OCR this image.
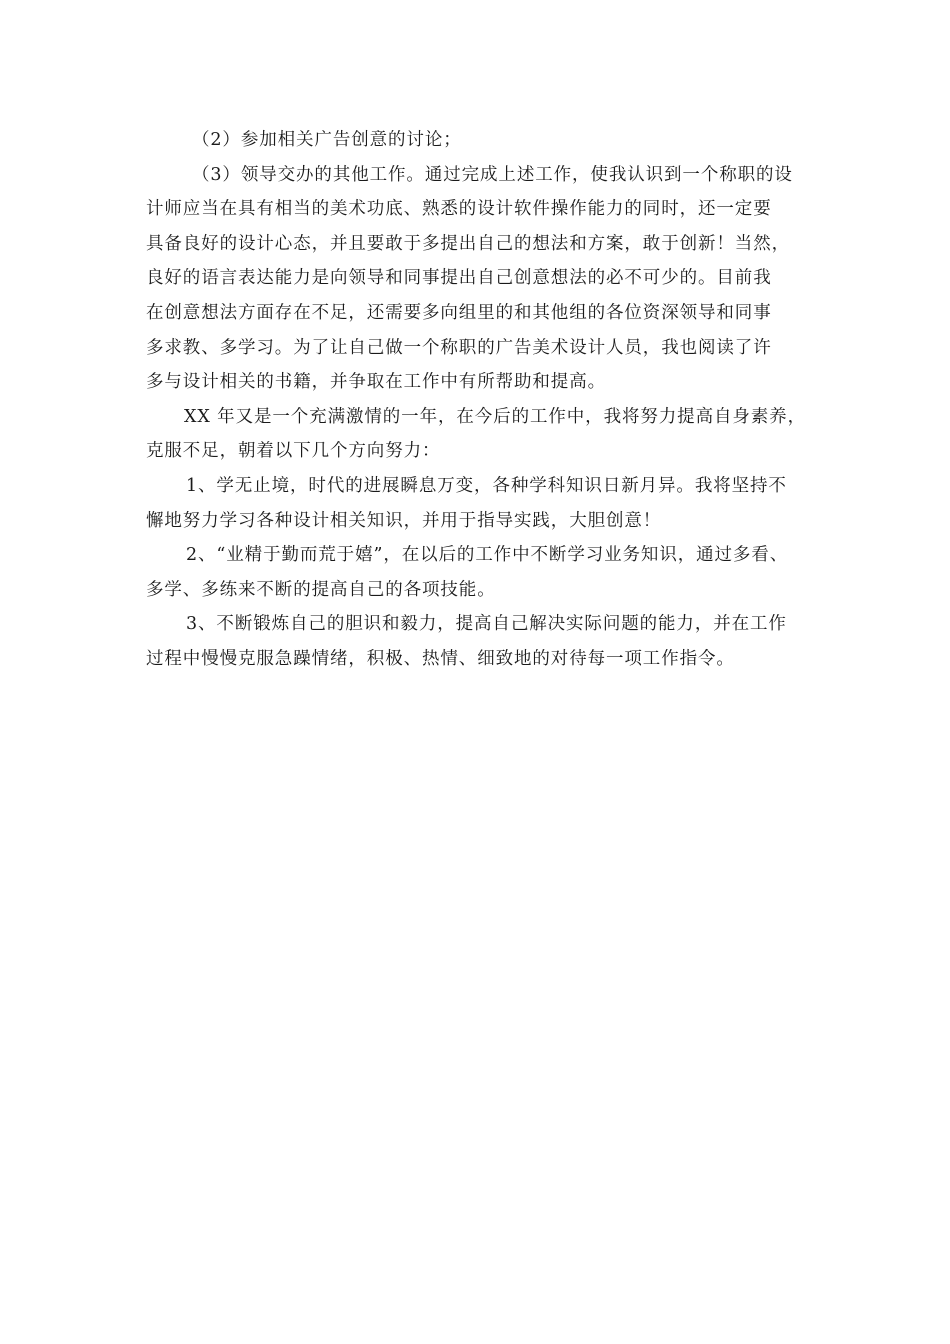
（2）参加相关广告创意的讨论；
（3）领导交办的其他工作。通过完成上述工作，使我认识到一个称职的设
计师应当在具有相当的美术功底、熟悉的设计软件操作能力的同时，还一定要
具备良好的设计心态，并且要敢于多提出自己的想法和方案，敢于创新！当然，
良好的语言表达能力是向领导和同事提出自己创意想法的必不可少的。目前我
在创意想法方面存在不足，还需要多向组里的和其他组的各位资深领导和同事
多求教、多学习。为了让自己做一个称职的广告美术设计人员，我也阅读了许
多与设计相关的书籍，并争取在工作中有所帮助和提高。
XX 年又是一个充满激情的一年，在今后的工作中，我将努力提高自身素养，
克服不足，朝着以下几个方向努力：
1、学无止境，时代的进展瞬息万变，各种学科知识日新月异。我将坚持不
懈地努力学习各种设计相关知识，并用于指导实践，大胆创意！
2、“业精于勤而荒于嬉”，在以后的工作中不断学习业务知识，通过多看、
多学、多练来不断的提高自己的各项技能。
3、不断锻炼自己的胆识和毅力，提高自己解决实际问题的能力，并在工作
过程中慢慢克服急躁情绪，积极、热情、细致地的对待每一项工作指令。
